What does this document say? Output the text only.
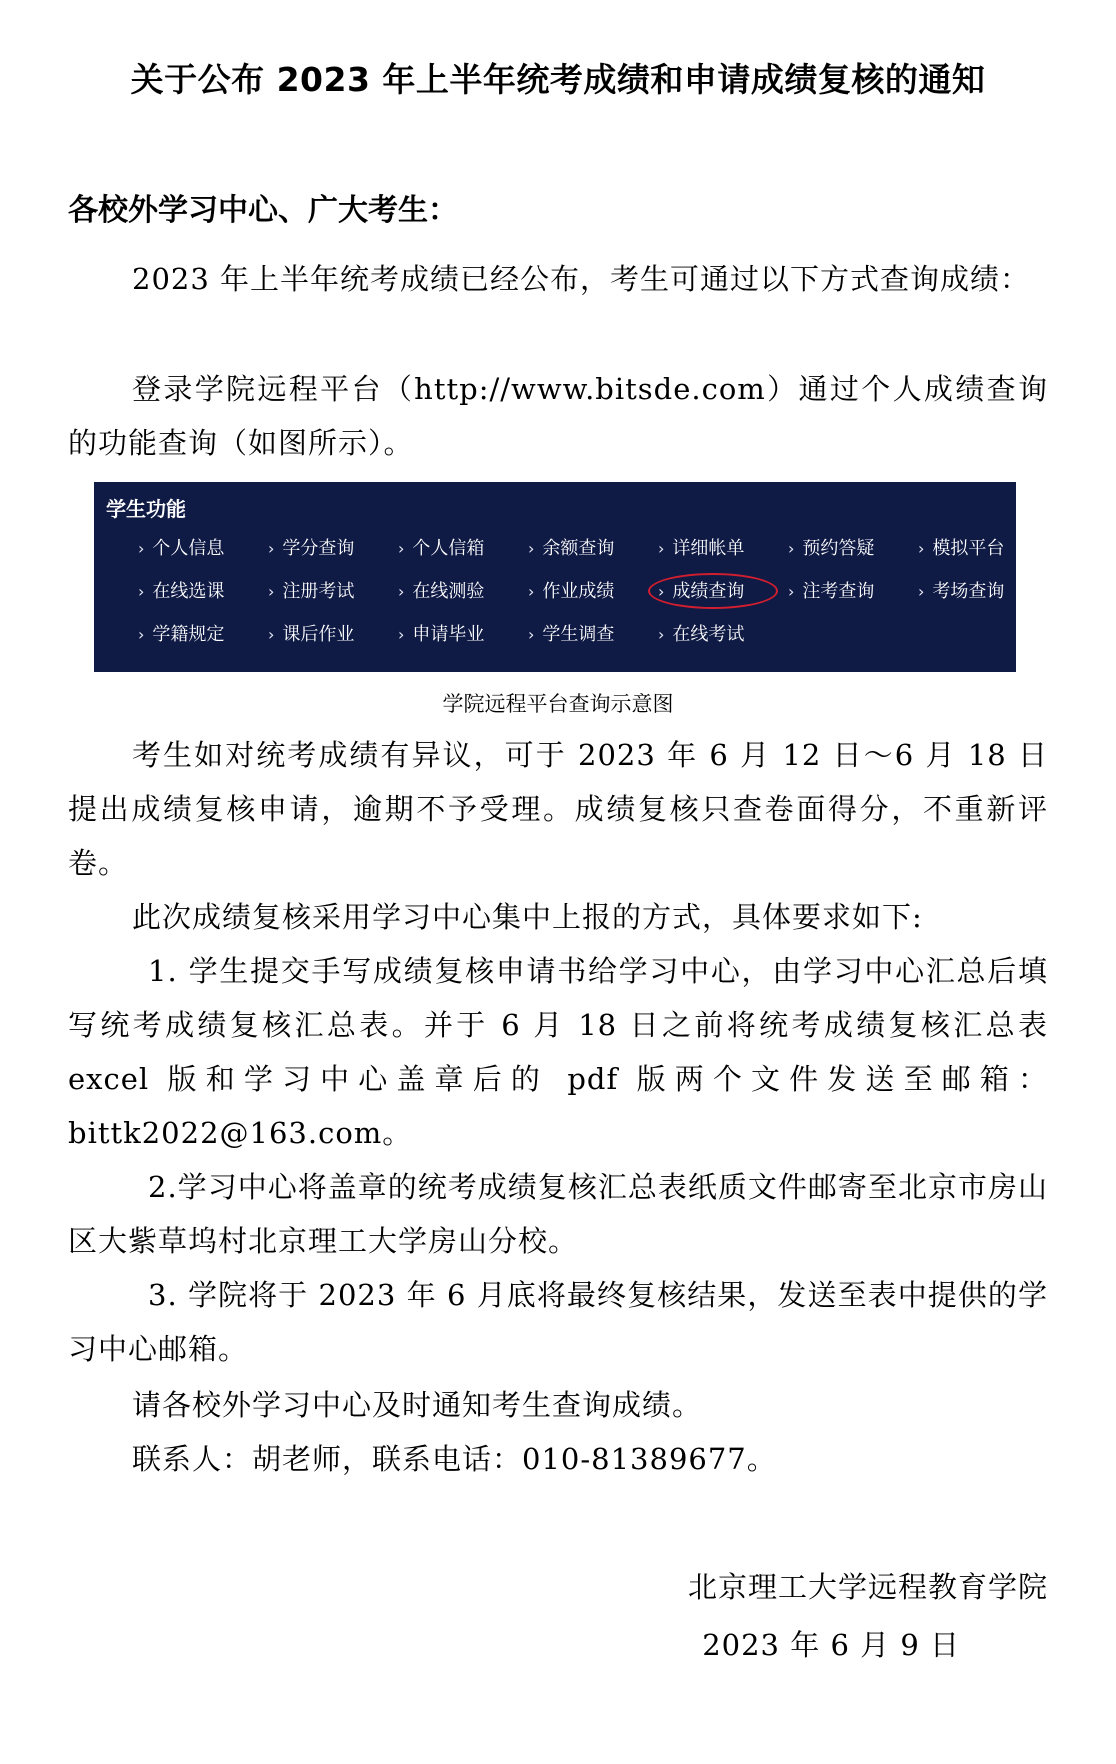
关于公布 2023 年上半年统考成绩和申请成绩复核的通知
各校外学习中心、广大考生：

2023 年上半年统考成绩已经公布，考生可通过以下方式查询成绩：

登录学院远程平台（http://www.bitsde.com）通过个人成绩查询的功能查询（如图所示）。

学生功能
› 个人信息	› 学分查询	› 个人信箱	› 余额查询	› 详细帐单	› 预约答疑	› 模拟平台
› 在线选课	› 注册考试	› 在线测验	› 作业成绩	› 成绩查询	› 注考查询	› 考场查询
› 学籍规定	› 课后作业	› 申请毕业	› 学生调查	› 在线考试
学院远程平台查询示意图

考生如对统考成绩有异议，可于 2023 年 6 月 12 日～6 月 18 日提出成绩复核申请，逾期不予受理。成绩复核只查卷面得分，不重新评卷。

此次成绩复核采用学习中心集中上报的方式，具体要求如下:

1. 学生提交手写成绩复核申请书给学习中心，由学习中心汇总后填写统考成绩复核汇总表。并于 6 月 18 日之前将统考成绩复核汇总表 excel 版和学习中心盖章后的 pdf 版两个文件发送至邮箱：bittk2022@163.com。

2.学习中心将盖章的统考成绩复核汇总表纸质文件邮寄至北京市房山区大紫草坞村北京理工大学房山分校。

3. 学院将于 2023 年 6 月底将最终复核结果，发送至表中提供的学习中心邮箱。

请各校外学习中心及时通知考生查询成绩。

联系人：胡老师，联系电话：010-81389677。

北京理工大学远程教育学院
2023 年 6 月 9 日
